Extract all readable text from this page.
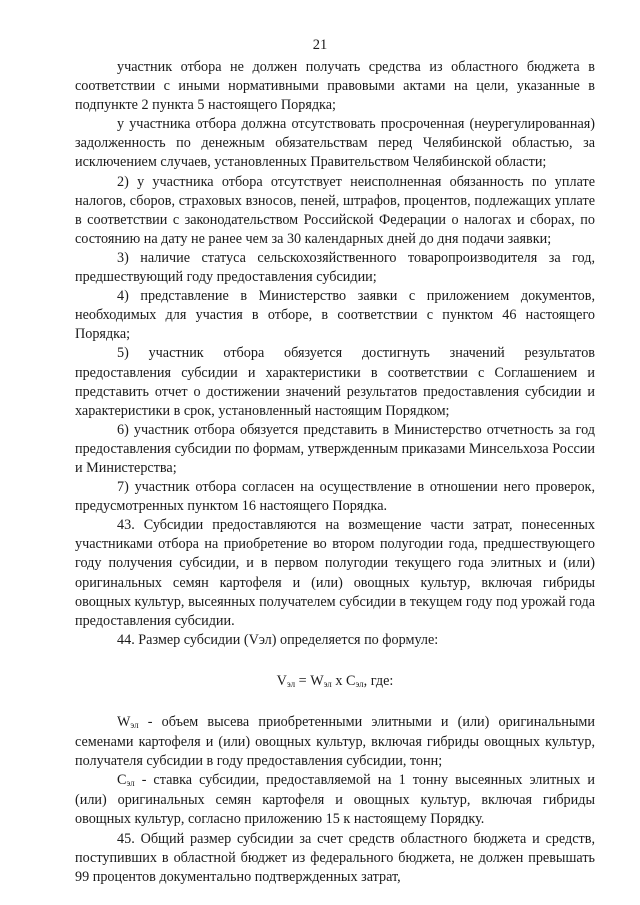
21

участник отбора не должен получать средства из областного бюджета в соответствии с иными нормативными правовыми актами на цели, указанные в подпункте 2 пункта 5 настоящего Порядка;

у участника отбора должна отсутствовать просроченная (неурегулированная) задолженность по денежным обязательствам перед Челябинской областью, за исключением случаев, установленных Правительством Челябинской области;

2) у участника отбора отсутствует неисполненная обязанность по уплате налогов, сборов, страховых взносов, пеней, штрафов, процентов, подлежащих уплате в соответствии с законодательством Российской Федерации о налогах и сборах, по состоянию на дату не ранее чем за 30 календарных дней до дня подачи заявки;

3) наличие статуса сельскохозяйственного товаропроизводителя за год, предшествующий году предоставления субсидии;

4) представление в Министерство заявки с приложением документов, необходимых для участия в отборе, в соответствии с пунктом 46 настоящего Порядка;

5) участник отбора обязуется достигнуть значений результатов предоставления субсидии и характеристики в соответствии с Соглашением и представить отчет о достижении значений результатов предоставления субсидии и характеристики в срок, установленный настоящим Порядком;

6) участник отбора обязуется представить в Министерство отчетность за год предоставления субсидии по формам, утвержденным приказами Минсельхоза России и Министерства;

7) участник отбора согласен на осуществление в отношении него проверок, предусмотренных пунктом 16 настоящего Порядка.

43. Субсидии предоставляются на возмещение части затрат, понесенных участниками отбора на приобретение во втором полугодии года, предшествующего году получения субсидии, и в первом полугодии текущего года элитных и (или) оригинальных семян картофеля и (или) овощных культур, включая гибриды овощных культур, высеянных получателем субсидии в текущем году под урожай года предоставления субсидии.

44. Размер субсидии (Vэл) определяется по формуле:

$V_{эл} = W_{эл}$ x $C_{эл}$, где:

$W_{эл}$ - объем высева приобретенными элитными и (или) оригинальными семенами картофеля и (или) овощных культур, включая гибриды овощных культур, получателя субсидии в году предоставления субсидии, тонн;

$С_{эл}$ - ставка субсидии, предоставляемой на 1 тонну высеянных элитных и (или) оригинальных семян картофеля и овощных культур, включая гибриды овощных культур, согласно приложению 15 к настоящему Порядку.

45. Общий размер субсидии за счет средств областного бюджета и средств, поступивших в областной бюджет из федерального бюджета, не должен превышать 99 процентов документально подтвержденных затрат,
